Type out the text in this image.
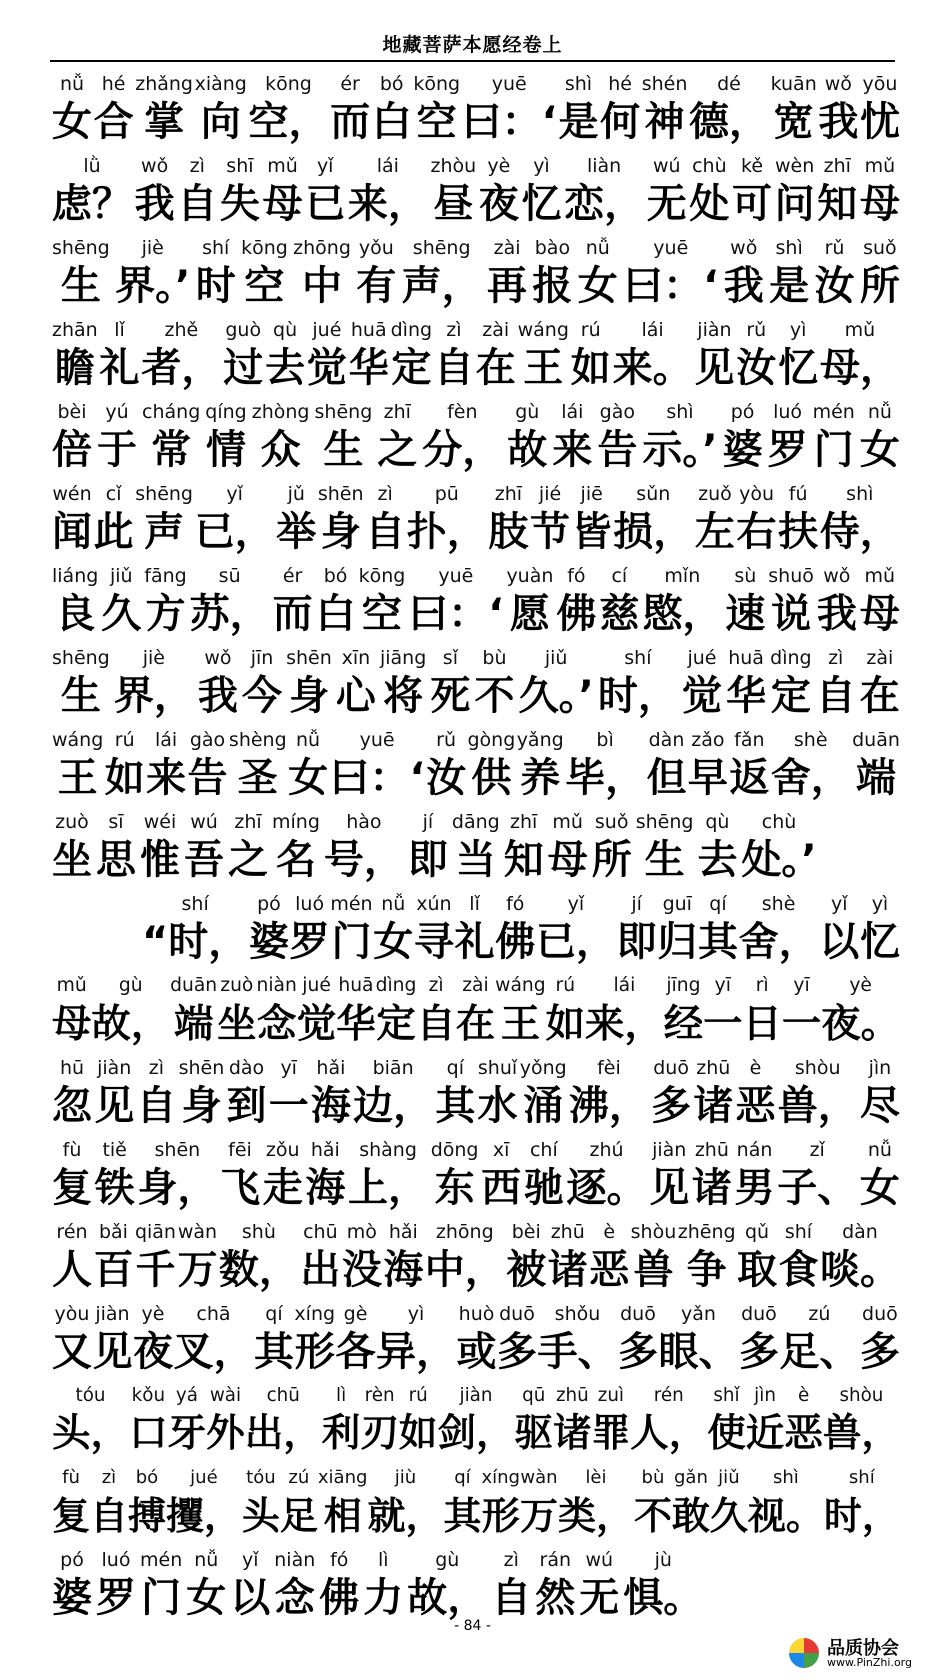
地藏菩萨本愿经卷上
nǚ
女
hé
合
zhǎng
掌
xiàng
向
kōng
空，
ér
而
bó
白
kōng
空
yuē
曰：‘
shì
是
hé
何
shén
神
dé
德，
kuān
宽
wǒ
我
yōu
忧
lǜ
虑？
wǒ
我
zì
自
shī
失
mǔ
母
yǐ
已
lái
来，
zhòu
昼
yè
夜
yì
忆
liàn
恋，
wú
无
chù
处
kě
可
wèn
问
zhī
知
mǔ
母
shēng
生
jiè
界。’
shí
时
kōng
空
zhōng
中
yǒu
有
shēng
声，
zài
再
bào
报
nǚ
女
yuē
曰：‘
wǒ
我
shì
是
rǔ
汝
suǒ
所
zhān
瞻
lǐ
礼
zhě
者，
guò
过
qù
去
jué
觉
huā
华
dìng
定
zì
自
zài
在
wáng
王
rú
如
lái
来。
jiàn
见
rǔ
汝
yì
忆
mǔ
母，
bèi
倍
yú
于
cháng
常
qíng
情
zhòng
众
shēng
生
zhī
之
fèn
分，
gù
故
lái
来
gào
告
shì
示。’
pó
婆
luó
罗
mén
门
nǚ
女
wén
闻
cǐ
此
shēng
声
yǐ
已，
jǔ
举
shēn
身
zì
自
pū
扑，
zhī
肢
jié
节
jiē
皆
sǔn
损，
zuǒ
左
yòu
右
fú
扶
shì
侍，
liáng
良
jiǔ
久
fāng
方
sū
苏，
ér
而
bó
白
kōng
空
yuē
曰：‘
yuàn
愿
fó
佛
cí
慈
mǐn
愍，
sù
速
shuō
说
wǒ
我
mǔ
母
shēng
生
jiè
界，
wǒ
我
jīn
今
shēn
身
xīn
心
jiāng
将
sǐ
死
bù
不
jiǔ
久。’
shí
时，
jué
觉
huā
华
dìng
定
zì
自
zài
在
wáng
王
rú
如
lái
来
gào
告
shèng
圣
nǚ
女
yuē
曰：‘
rǔ
汝
gòng
供
yǎng
养
bì
毕，
dàn
但
zǎo
早
fǎn
返
shè
舍，
duān
端
zuò
坐
sī
思
wéi
惟
wú
吾
zhī
之
míng
名
hào
号，
jí
即
dāng
当
zhī
知
mǔ
母
suǒ
所
shēng
生
qù
去
chù
处。’
shí
“时，
pó
婆
luó
罗
mén
门
nǚ
女
xún
寻
lǐ
礼
fó
佛
yǐ
已，
jí
即
guī
归
qí
其
shè
舍，
yǐ
以
yì
忆
mǔ
母
gù
故，
duān
端
zuò
坐
niàn
念
jué
觉
huā
华
dìng
定
zì
自
zài
在
wáng
王
rú
如
lái
来，
jīng
经
yī
一
rì
日
yī
一
yè
夜。
hū
忽
jiàn
见
zì
自
shēn
身
dào
到
yī
一
hǎi
海
biān
边，
qí
其
shuǐ
水
yǒng
涌
fèi
沸，
duō
多
zhū
诸
è
恶
shòu
兽，
jìn
尽
fù
复
tiě
铁
shēn
身，
fēi
飞
zǒu
走
hǎi
海
shàng
上，
dōng
东
xī
西
chí
驰
zhú
逐。
jiàn
见
zhū
诸
nán
男
zǐ
子、
nǚ
女
rén
人
bǎi
百
qiān
千
wàn
万
shù
数，
chū
出
mò
没
hǎi
海
zhōng
中，
bèi
被
zhū
诸
è
恶
shòu
兽
zhēng
争
qǔ
取
shí
食
dàn
啖。
yòu
又
jiàn
见
yè
夜
chā
叉，
qí
其
xíng
形
gè
各
yì
异，
huò
或
duō
多
shǒu
手、
duō
多
yǎn
眼、
duō
多
zú
足、
duō
多
tóu
头，
kǒu
口
yá
牙
wài
外
chū
出，
lì
利
rèn
刃
rú
如
jiàn
剑，
qū
驱
zhū
诸
zuì
罪
rén
人，
shǐ
使
jìn
近
è
恶
shòu
兽，
fù
复
zì
自
bó
搏
jué
攫，
tóu
头
zú
足
xiāng
相
jiù
就，
qí
其
xíng
形
wàn
万
lèi
类，
bù
不
gǎn
敢
jiǔ
久
shì
视。
shí
时，
pó
婆
luó
罗
mén
门
nǚ
女
yǐ
以
niàn
念
fó
佛
lì
力
gù
故，
zì
自
rán
然
wú
无
jù
惧。
- 84 -
品质协会
www.PinZhi.org
